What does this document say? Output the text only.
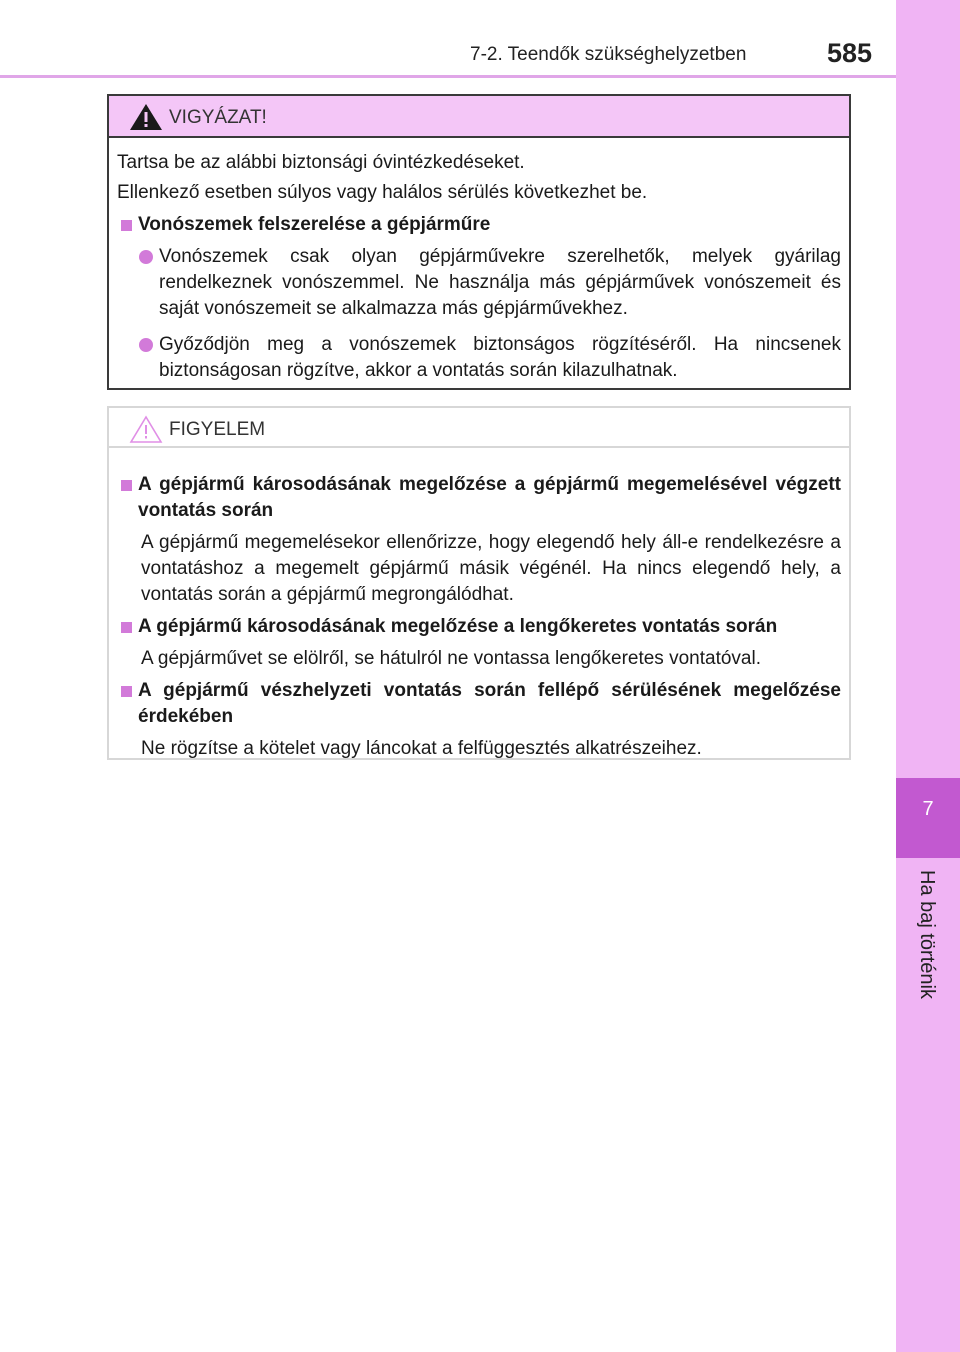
7-2. Teendők szükséghelyzetben	585
7
Ha baj történik
VIGYÁZAT!
Tartsa be az alábbi biztonsági óvintézkedéseket.
Ellenkező esetben súlyos vagy halálos sérülés következhet be.
Vonószemek felszerelése a gépjárműre
Vonószemek csak olyan gépjárművekre szerelhetők, melyek gyárilag rendelkeznek vonószemmel. Ne használja más gépjárművek vonószemeit és saját vonószemeit se alkalmazza más gépjárművekhez.
Győződjön meg a vonószemek biztonságos rögzítéséről. Ha nincsenek biztonságosan rögzítve, akkor a vontatás során kilazulhatnak.
FIGYELEM
A gépjármű károsodásának megelőzése a gépjármű megemelésével végzett vontatás során
A gépjármű megemelésekor ellenőrizze, hogy elegendő hely áll-e rendelkezésre a vontatáshoz a megemelt gépjármű másik végénél. Ha nincs elegendő hely, a vontatás során a gépjármű megrongálódhat.
A gépjármű károsodásának megelőzése a lengőkeretes vontatás során
A gépjárművet se elölről, se hátulról ne vontassa lengőkeretes vontatóval.
A gépjármű vészhelyzeti vontatás során fellépő sérülésének megelőzése érdekében
Ne rögzítse a kötelet vagy láncokat a felfüggesztés alkatrészeihez.
